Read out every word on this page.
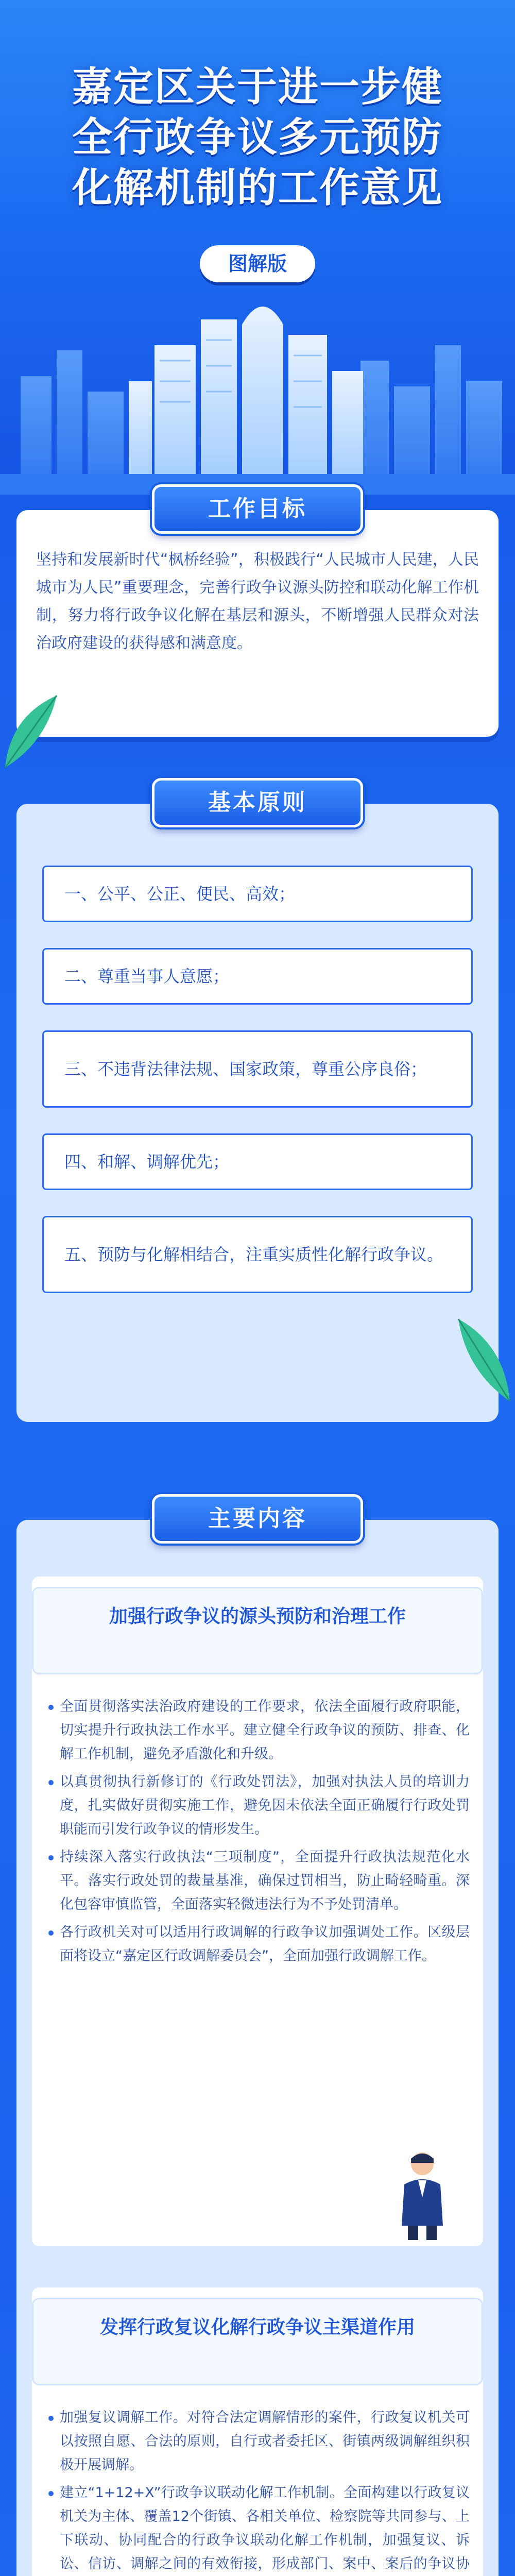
嘉定区关于进一步健
全行政争议多元预防
化解机制的工作意见
图解版
工作目标
坚持和发展新时代“枫桥经验”，积极践行“人民城市人民建，人民城市为人民”重要理念，完善行政争议源头防控和联动化解工作机制，努力将行政争议化解在基层和源头，不断增强人民群众对法治政府建设的获得感和满意度。
基本原则
一、公平、公正、便民、高效；
二、尊重当事人意愿；
三、不违背法律法规、国家政策，尊重公序良俗；
四、和解、调解优先；
五、预防与化解相结合，注重实质性化解行政争议。
主要内容
加强行政争议的源头预防和治理工作
全面贯彻落实法治政府建设的工作要求，依法全面履行政府职能，切实提升行政执法工作水平。建立健全行政争议的预防、排查、化解工作机制，避免矛盾激化和升级。
以真贯彻执行新修订的《行政处罚法》，加强对执法人员的培训力度，扎实做好贯彻实施工作，避免因未依法全面正确履行行政处罚职能而引发行政争议的情形发生。
持续深入落实行政执法“三项制度”，全面提升行政执法规范化水平。落实行政处罚的裁量基准，确保过罚相当，防止畸轻畸重。深化包容审慎监管，全面落实轻微违法行为不予处罚清单。
各行政机关对可以适用行政调解的行政争议加强调处工作。区级层面将设立“嘉定区行政调解委员会”，全面加强行政调解工作。
发挥行政复议化解行政争议主渠道作用
加强复议调解工作。对符合法定调解情形的案件，行政复议机关可以按照自愿、合法的原则，自行或者委托区、街镇两级调解组织积极开展调解。
建立“1+12+X”行政争议联动化解工作机制。全面构建以行政复议机关为主体、覆盖12个街镇、各相关单位、检察院等共同参与、上下联动、协同配合的行政争议联动化解工作机制，加强复议、诉讼、信访、调解之间的有效衔接，形成部门、案中、案后的争议协
